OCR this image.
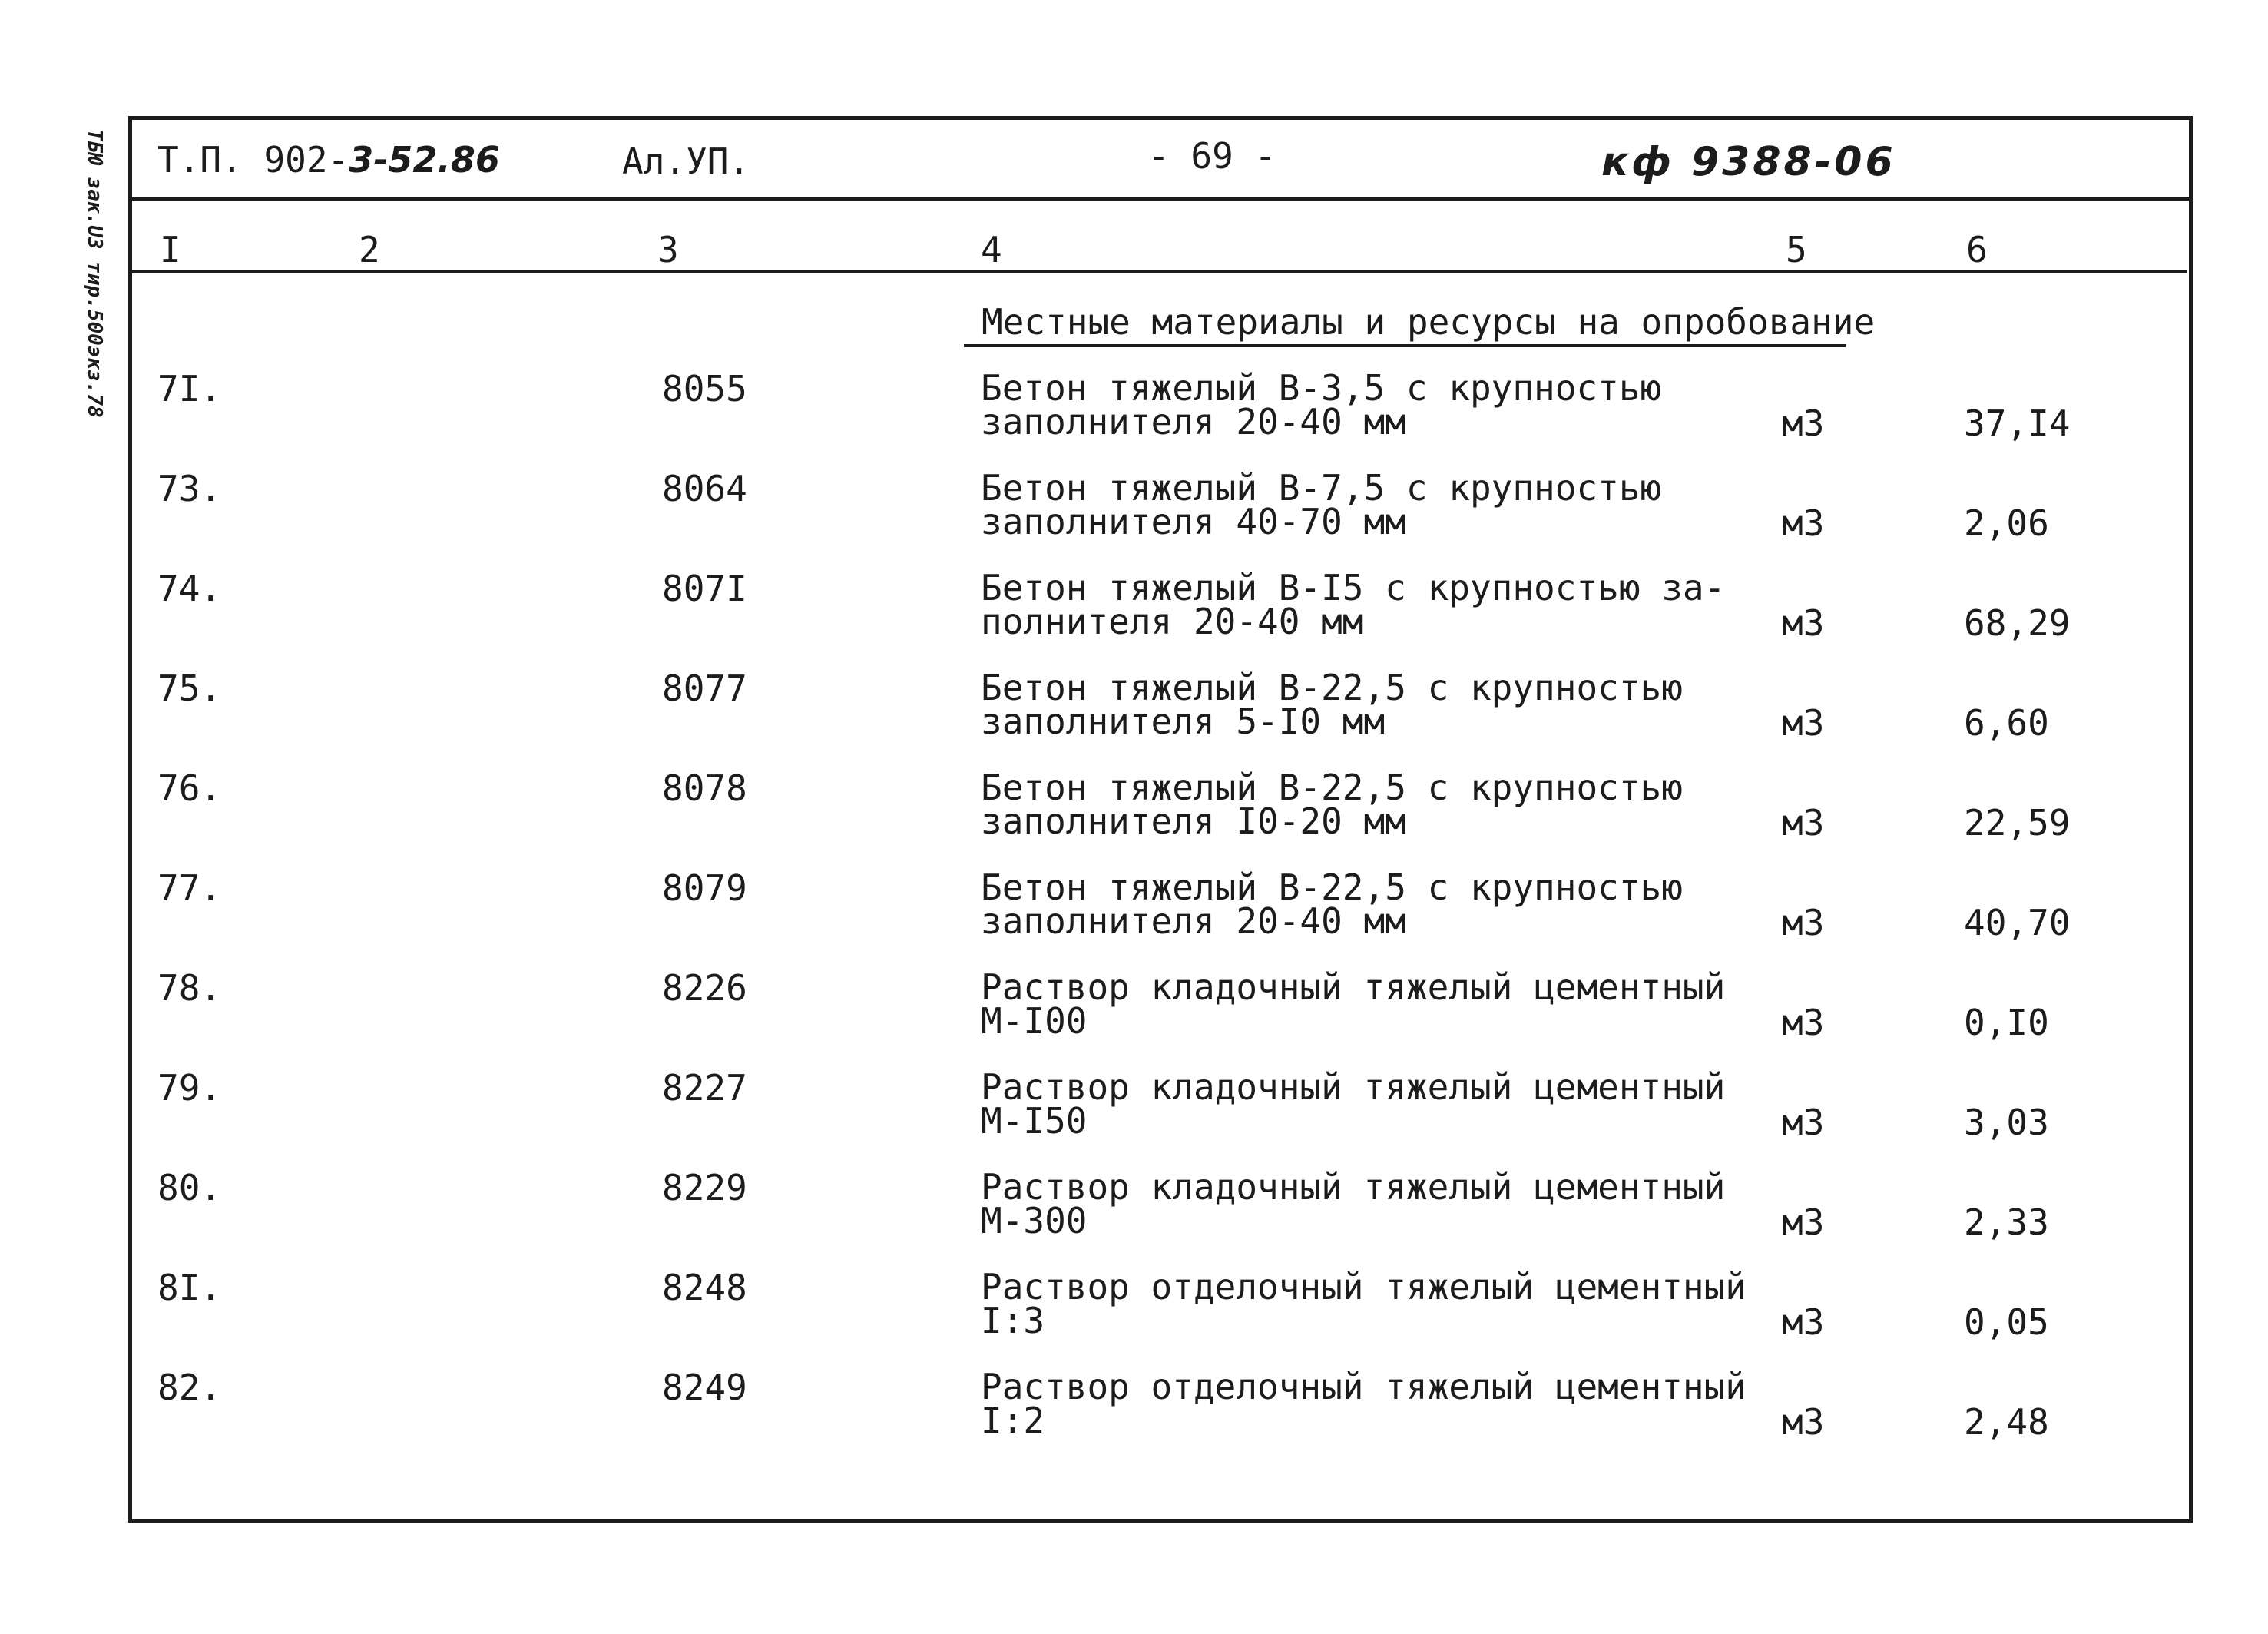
ТБЮ зак.U3 тир.500экз.78 Т.П. 902-3-52.86	Ал.УП.	- 69 -	кф 9388-06
I	2	3	4	5	6
Местные материалы и ресурсы на опробование
7I.	8055	Бетон тяжелый В-3,5 с крупностью
заполнителя 20-40 мм	м3	37,I4
73.	8064	Бетон тяжелый В-7,5 с крупностью
заполнителя 40-70 мм	м3	2,06
74.	807I	Бетон тяжелый В-I5 с крупностью за-
полнителя 20-40 мм	м3	68,29
75.	8077	Бетон тяжелый В-22,5 с крупностью
заполнителя 5-I0 мм	м3	6,60
76.	8078	Бетон тяжелый В-22,5 с крупностью
заполнителя I0-20 мм	м3	22,59
77.	8079	Бетон тяжелый В-22,5 с крупностью
заполнителя 20-40 мм	м3	40,70
78.	8226	Раствор кладочный тяжелый цементный
М-I00	м3	0,I0
79.	8227	Раствор кладочный тяжелый цементный
М-I50	м3	3,03
80.	8229	Раствор кладочный тяжелый цементный
М-300	м3	2,33
8I.	8248	Раствор отделочный тяжелый цементный
I:3	м3	0,05
82.	8249	Раствор отделочный тяжелый цементный
I:2	м3	2,48
